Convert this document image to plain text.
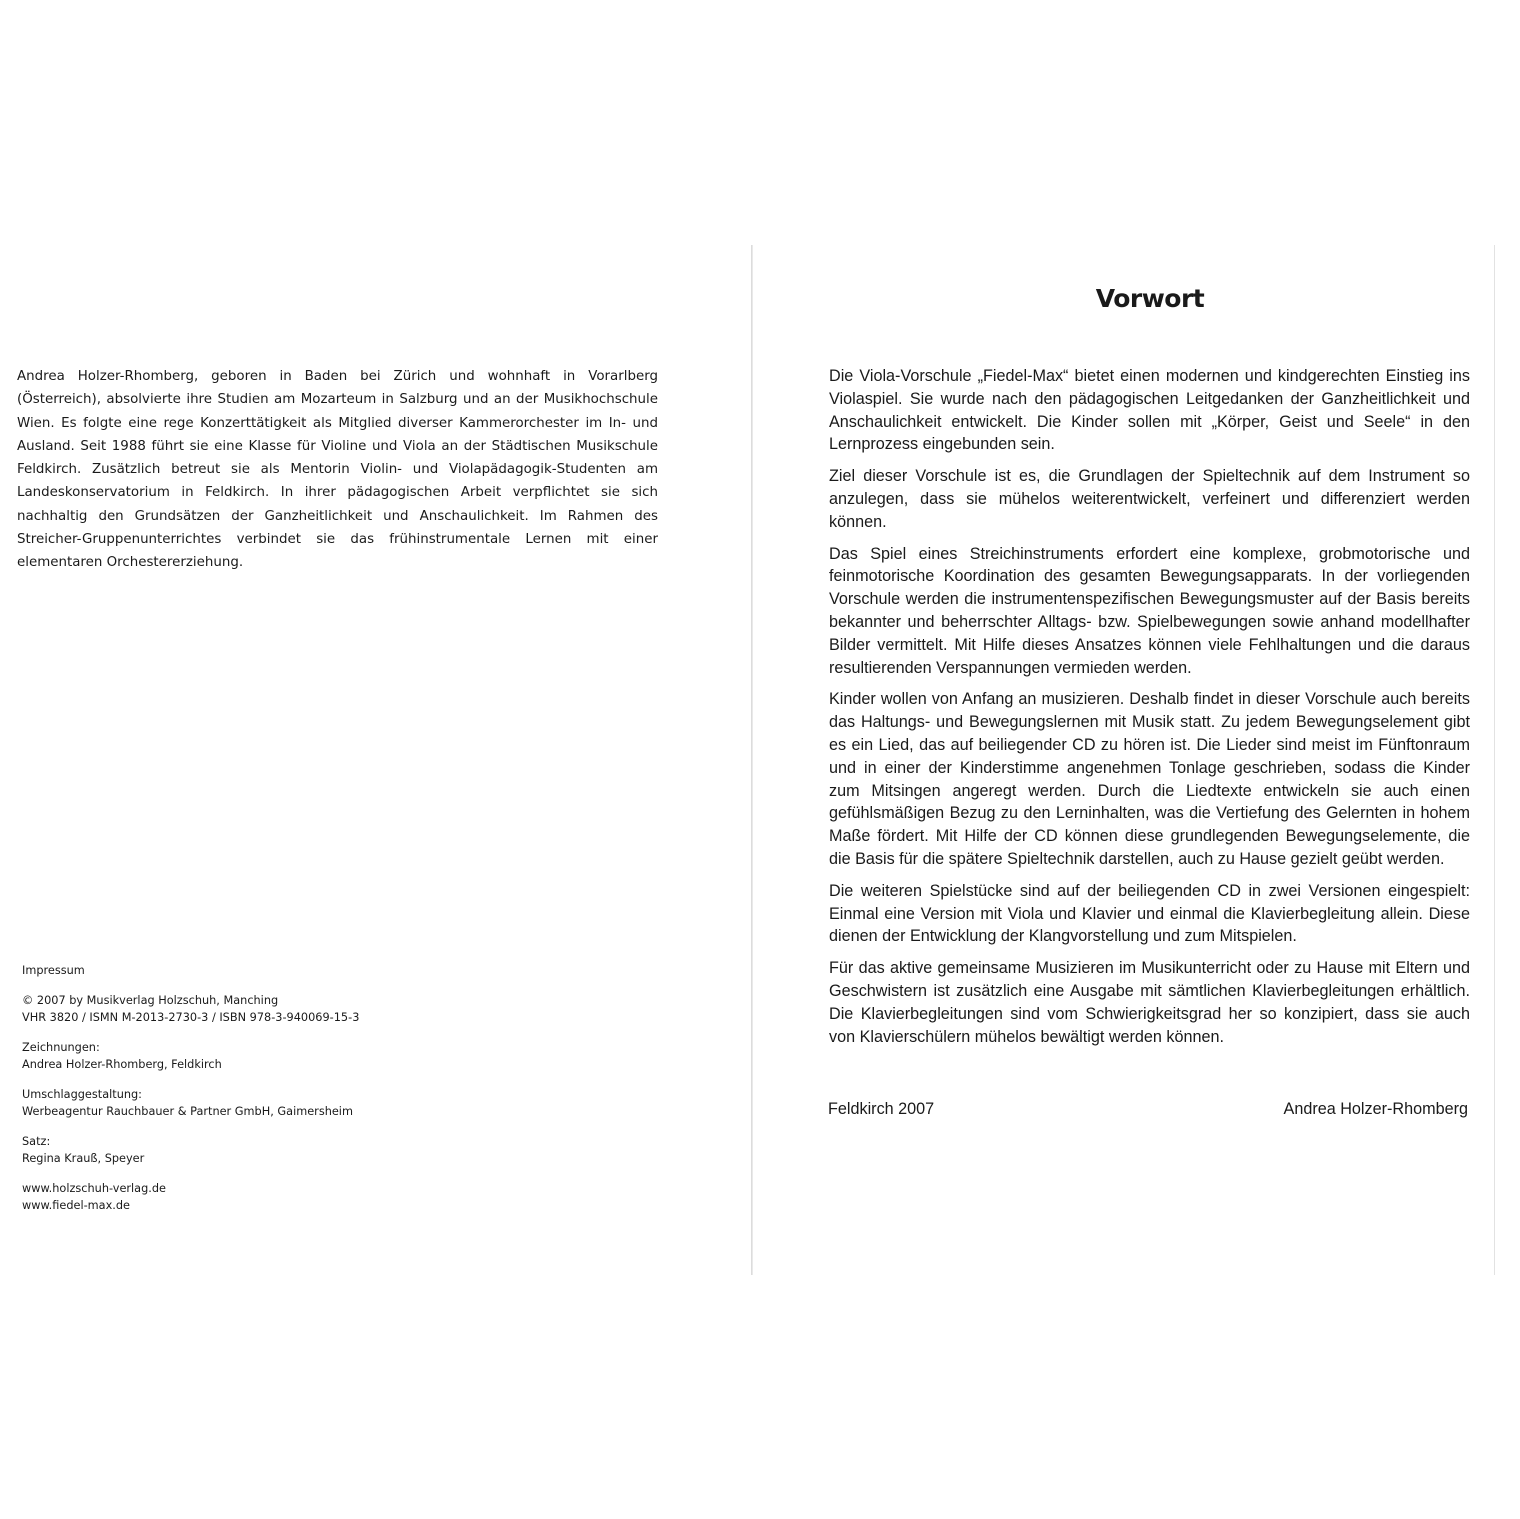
Andrea Holzer-Rhomberg, geboren in Baden bei Zürich und wohnhaft in Vorarlberg (Österreich), absolvierte ihre Studien am Mozarteum in Salzburg und an der Musikhochschule Wien. Es folgte eine rege Konzerttätigkeit als Mitglied diverser Kammerorchester im In- und Ausland. Seit 1988 führt sie eine Klasse für Violine und Viola an der Städtischen Musikschule Feldkirch. Zusätzlich betreut sie als Mentorin Violin- und Violapädagogik-Studenten am Landeskonservatorium in Feldkirch. In ihrer pädagogischen Arbeit verpflichtet sie sich nachhaltig den Grundsätzen der Ganzheitlichkeit und Anschaulichkeit. Im Rahmen des Streicher-Gruppenunterrichtes verbindet sie das frühinstrumentale Lernen mit einer elementaren Orchestererziehung.

Impressum
© 2007 by Musikverlag Holzschuh, Manching
VHR 3820 / ISMN M-2013-2730-3 / ISBN 978-3-940069-15-3
Zeichnungen:
Andrea Holzer-Rhomberg, Feldkirch
Umschlaggestaltung:
Werbeagentur Rauchbauer & Partner GmbH, Gaimersheim
Satz:
Regina Krauß, Speyer
www.holzschuh-verlag.de
www.fiedel-max.de
Vorwort

Die Viola-Vorschule „Fiedel-Max“ bietet einen modernen und kindgerechten Einstieg ins Violaspiel. Sie wurde nach den pädagogischen Leitgedanken der Ganzheitlichkeit und Anschaulichkeit entwickelt. Die Kinder sollen mit „Körper, Geist und Seele“ in den Lernprozess eingebunden sein.

Ziel dieser Vorschule ist es, die Grundlagen der Spieltechnik auf dem Instrument so anzulegen, dass sie mühelos weiterentwickelt, verfeinert und differenziert werden können.

Das Spiel eines Streichinstruments erfordert eine komplexe, grobmotorische und feinmotorische Koordination des gesamten Bewegungsapparats. In der vorliegenden Vorschule werden die instrumentenspezifischen Bewegungsmuster auf der Basis bereits bekannter und beherrschter Alltags- bzw. Spielbewegungen sowie anhand modellhafter Bilder vermittelt. Mit Hilfe dieses Ansatzes können viele Fehlhaltungen und die daraus resultierenden Verspannungen vermieden werden.

Kinder wollen von Anfang an musizieren. Deshalb findet in dieser Vorschule auch bereits das Haltungs- und Bewegungslernen mit Musik statt. Zu jedem Bewegungselement gibt es ein Lied, das auf beiliegender CD zu hören ist. Die Lieder sind meist im Fünftonraum und in einer der Kinderstimme angenehmen Tonlage geschrieben, sodass die Kinder zum Mitsingen angeregt werden. Durch die Liedtexte entwickeln sie auch einen gefühlsmäßigen Bezug zu den Lerninhalten, was die Vertiefung des Gelernten in hohem Maße fördert. Mit Hilfe der CD können diese grundlegenden Bewegungselemente, die die Basis für die spätere Spieltechnik darstellen, auch zu Hause gezielt geübt werden.

Die weiteren Spielstücke sind auf der beiliegenden CD in zwei Versionen eingespielt: Einmal eine Version mit Viola und Klavier und einmal die Klavierbegleitung allein. Diese dienen der Entwicklung der Klangvorstellung und zum Mitspielen.

Für das aktive gemeinsame Musizieren im Musikunterricht oder zu Hause mit Eltern und Geschwistern ist zusätzlich eine Ausgabe mit sämtlichen Klavierbegleitungen erhältlich. Die Klavierbegleitungen sind vom Schwierigkeitsgrad her so konzipiert, dass sie auch von Klavierschülern mühelos bewältigt werden können.

Feldkirch 2007	Andrea Holzer-Rhomberg
